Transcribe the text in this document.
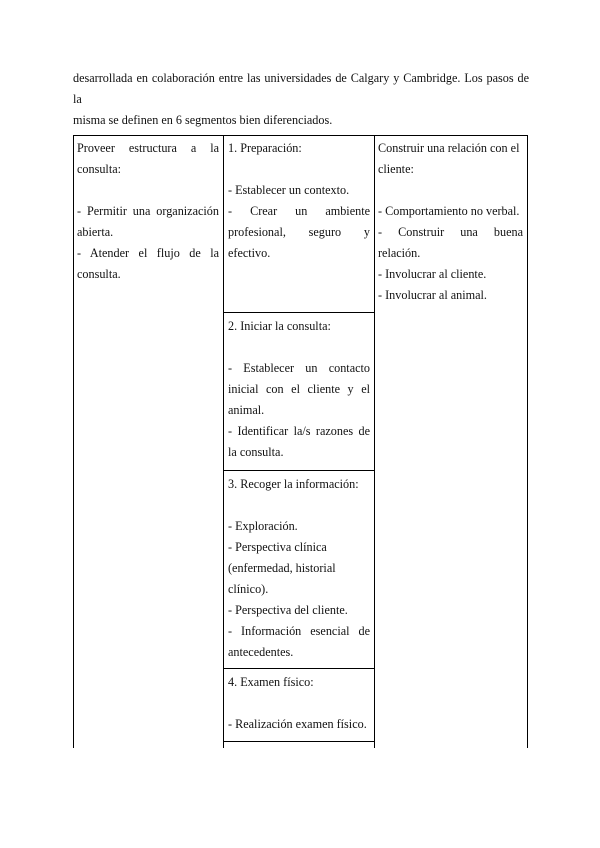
desarrollada en colaboración entre las universidades de Calgary y Cambridge. Los pasos de la

misma se definen en 6 segmentos bien diferenciados.

Proveer estructura a la consulta:

- Permitir una organización abierta.

- Atender el flujo de la consulta.

1. Preparación:

- Establecer un contexto.

- Crear un ambiente profesional, seguro y efectivo.

2. Iniciar la consulta:

- Establecer un contacto inicial con el cliente y el animal.

- Identificar la/s razones de la consulta.

3. Recoger la información:

- Exploración.

- Perspectiva clínica (enfermedad, historial clínico).

- Perspectiva del cliente.

- Información esencial de antecedentes.

4. Examen físico:

- Realización examen físico.

Construir una relación con el cliente:

- Comportamiento no verbal.

- Construir una buena relación.

- Involucrar al cliente.

- Involucrar al animal.
